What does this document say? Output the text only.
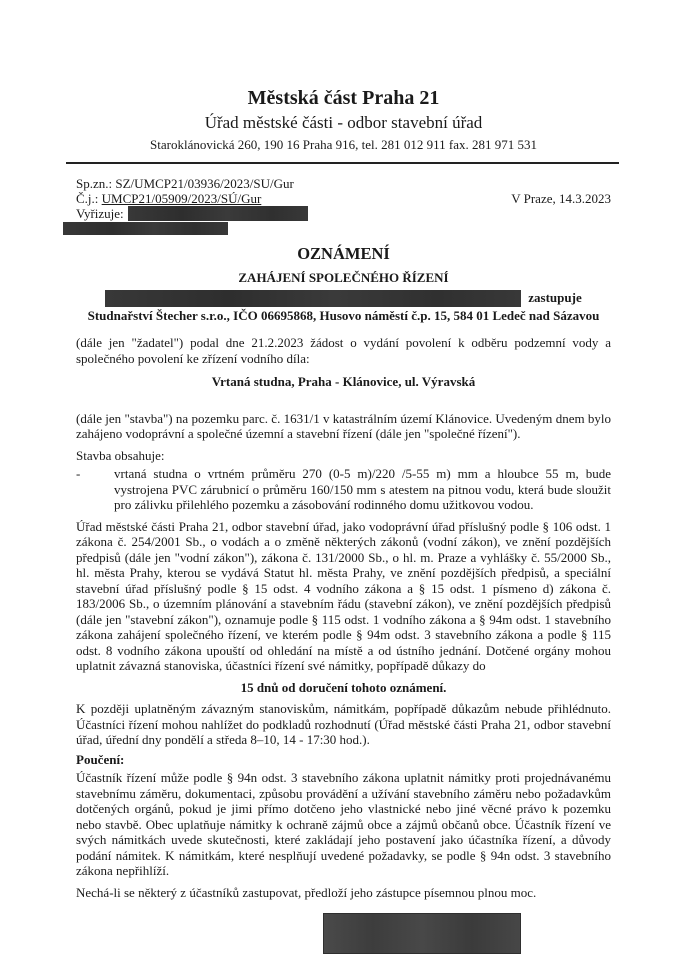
Městská část Praha 21
Úřad městské části - odbor stavební úřad
Staroklánovická 260, 190 16 Praha 916, tel. 281 012 911 fax. 281 971 531
Sp.zn.:
SZ/UMCP21/03936/2023/SU/Gur
Č.j.:
UMCP21/05909/2023/SÚ/Gur	V Praze, 14.3.2023
Vyřizuje:
OZNÁMENÍ
ZAHÁJENÍ SPOLEČNÉHO ŘÍZENÍ
zastupuje
Studnařství Štecher s.r.o., IČO 06695868, Husovo náměstí č.p. 15, 584 01 Ledeč nad Sázavou

(dále jen "žadatel") podal dne 21.2.2023 žádost o vydání povolení k odběru podzemní vody a společného povolení ke zřízení vodního díla:

Vrtaná studna, Praha - Klánovice, ul. Výravská

(dále jen "stavba") na pozemku parc. č. 1631/1 v katastrálním území Klánovice. Uvedeným dnem bylo zahájeno vodoprávní a společné územní a stavební řízení (dále jen "společné řízení").

Stavba obsahuje:

-	vrtaná studna o vrtném průměru 270 (0-5 m)/220 /5-55 m) mm a hloubce 55 m, bude vystrojena PVC zárubnicí o průměru 160/150 mm s atestem na pitnou vodu, která bude sloužit pro zálivku přilehlého pozemku a zásobování rodinného domu užitkovou vodou.

Úřad městské části Praha 21, odbor stavební úřad, jako vodoprávní úřad příslušný podle § 106 odst. 1 zákona č. 254/2001 Sb., o vodách a o změně některých zákonů (vodní zákon), ve znění pozdějších předpisů (dále jen "vodní zákon"), zákona č. 131/2000 Sb., o hl. m. Praze a vyhlášky č. 55/2000 Sb., hl. města Prahy, kterou se vydává Statut hl. města Prahy, ve znění pozdějších předpisů, a speciální stavební úřad příslušný podle § 15 odst. 4 vodního zákona a § 15 odst. 1 písmeno d) zákona č. 183/2006 Sb., o územním plánování a stavebním řádu (stavební zákon), ve znění pozdějších předpisů (dále jen "stavební zákon"), oznamuje podle § 115 odst. 1 vodního zákona a § 94m odst. 1 stavebního zákona zahájení společného řízení, ve kterém podle § 94m odst. 3 stavebního zákona a podle § 115 odst. 8 vodního zákona upouští od ohledání na místě a od ústního jednání. Dotčené orgány mohou uplatnit závazná stanoviska, účastníci řízení své námitky, popřípadě důkazy do

15 dnů od doručení tohoto oznámení.

K později uplatněným závazným stanoviskům, námitkám, popřípadě důkazům nebude přihlédnuto. Účastníci řízení mohou nahlížet do podkladů rozhodnutí (Úřad městské části Praha 21, odbor stavební úřad, úřední dny pondělí a středa 8–10, 14 - 17:30 hod.).

Poučení:

Účastník řízení může podle § 94n odst. 3 stavebního zákona uplatnit námitky proti projednávanému stavebnímu záměru, dokumentaci, způsobu provádění a užívání stavebního záměru nebo požadavkům dotčených orgánů, pokud je jimi přímo dotčeno jeho vlastnické nebo jiné věcné právo k pozemku nebo stavbě. Obec uplatňuje námitky k ochraně zájmů obce a zájmů občanů obce. Účastník řízení ve svých námitkách uvede skutečnosti, které zakládají jeho postavení jako účastníka řízení, a důvody podání námitek. K námitkám, které nesplňují uvedené požadavky, se podle § 94n odst. 3 stavebního zákona nepřihlíží.

Nechá-li se některý z účastníků zastupovat, předloží jeho zástupce písemnou plnou moc.
